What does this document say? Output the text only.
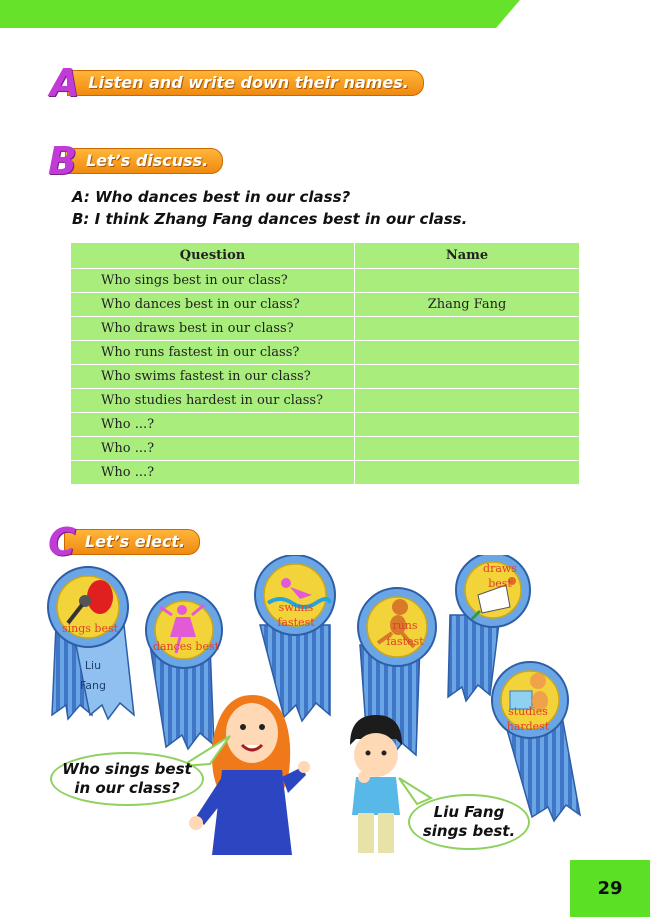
A Listen and write down their names.
B Let’s discuss.
A: Who dances best in our class?
B: I think Zhang Fang dances best in our class.
Question	Name
Who sings best in our class?	
Who dances best in our class?	Zhang Fang
Who draws best in our class?	
Who runs fastest in our class?	
Who swims fastest in our class?	
Who studies hardest in our class?	
Who ...?	
Who ...?	
Who ...?	
C Let’s elect.
sings best
Liu
Fang
dances best
swims
fastest	runs
fastest
draws
best
studies
hardest
Who sings best
in our class?
Liu Fang
sings best.
29
